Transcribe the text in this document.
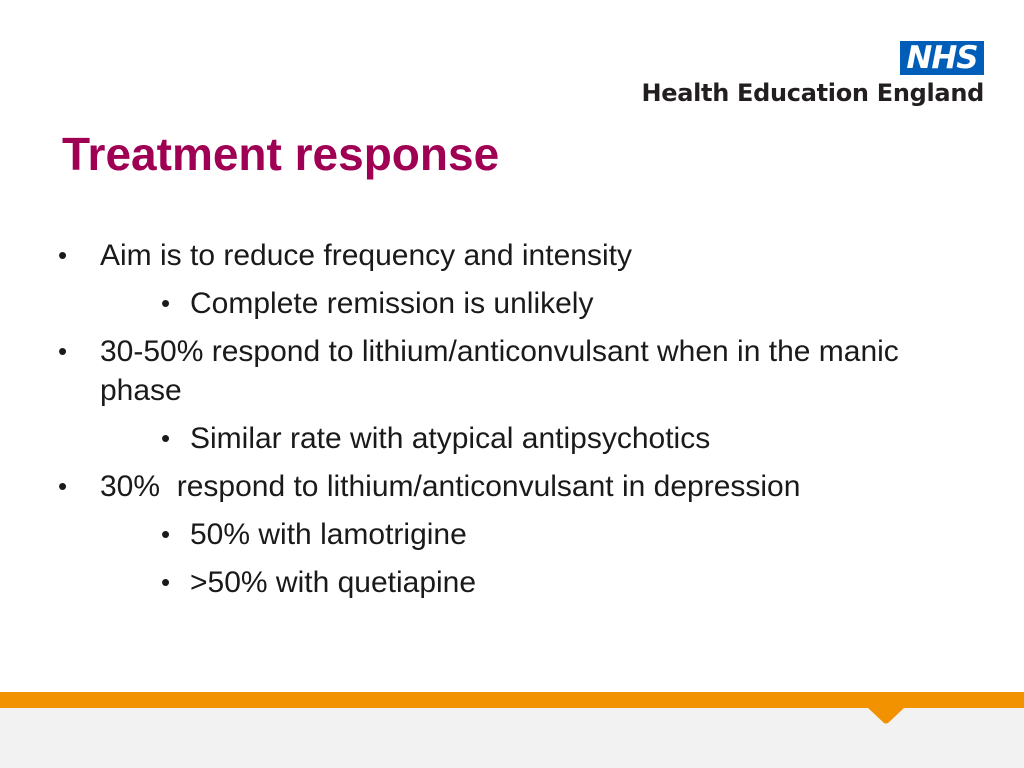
NHS
Health Education England
Treatment response
• Aim is to reduce frequency and intensity
• Complete remission is unlikely
• 30-50% respond to lithium/anticonvulsant when in the manic phase
• Similar rate with atypical antipsychotics
• 30%  respond to lithium/anticonvulsant in depression
• 50% with lamotrigine
• >50% with quetiapine
